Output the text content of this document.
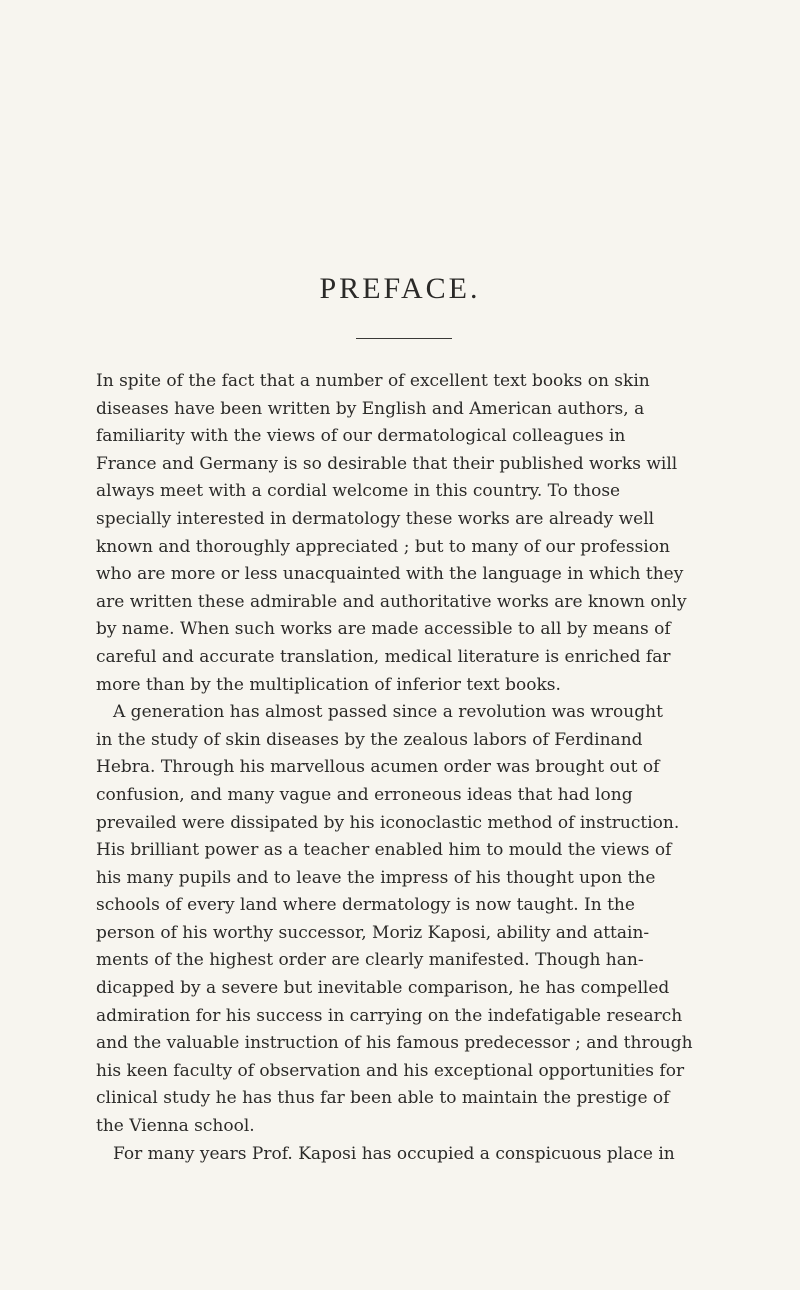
PREFACE.
In spite of the fact that a number of excellent text books on skin
diseases have been written by English and American authors, a
familiarity with the views of our dermatological colleagues in
France and Germany is so desirable that their published works will
always meet with a cordial welcome in this country. To those
specially interested in dermatology these works are already well
known and thoroughly appreciated ; but to many of our profession
who are more or less unacquainted with the language in which they
are written these admirable and authoritative works are known only
by name. When such works are made accessible to all by means of
careful and accurate translation, medical literature is enriched far
more than by the multiplication of inferior text books.
A generation has almost passed since a revolution was wrought
in the study of skin diseases by the zealous labors of Ferdinand
Hebra. Through his marvellous acumen order was brought out of
confusion, and many vague and erroneous ideas that had long
prevailed were dissipated by his iconoclastic method of instruction.
His brilliant power as a teacher enabled him to mould the views of
his many pupils and to leave the impress of his thought upon the
schools of every land where dermatology is now taught. In the
person of his worthy successor, Moriz Kaposi, ability and attain-
ments of the highest order are clearly manifested. Though han-
dicapped by a severe but inevitable comparison, he has compelled
admiration for his success in carrying on the indefatigable research
and the valuable instruction of his famous predecessor ; and through
his keen faculty of observation and his exceptional opportunities for
clinical study he has thus far been able to maintain the prestige of
the Vienna school.
For many years Prof. Kaposi has occupied a conspicuous place in
